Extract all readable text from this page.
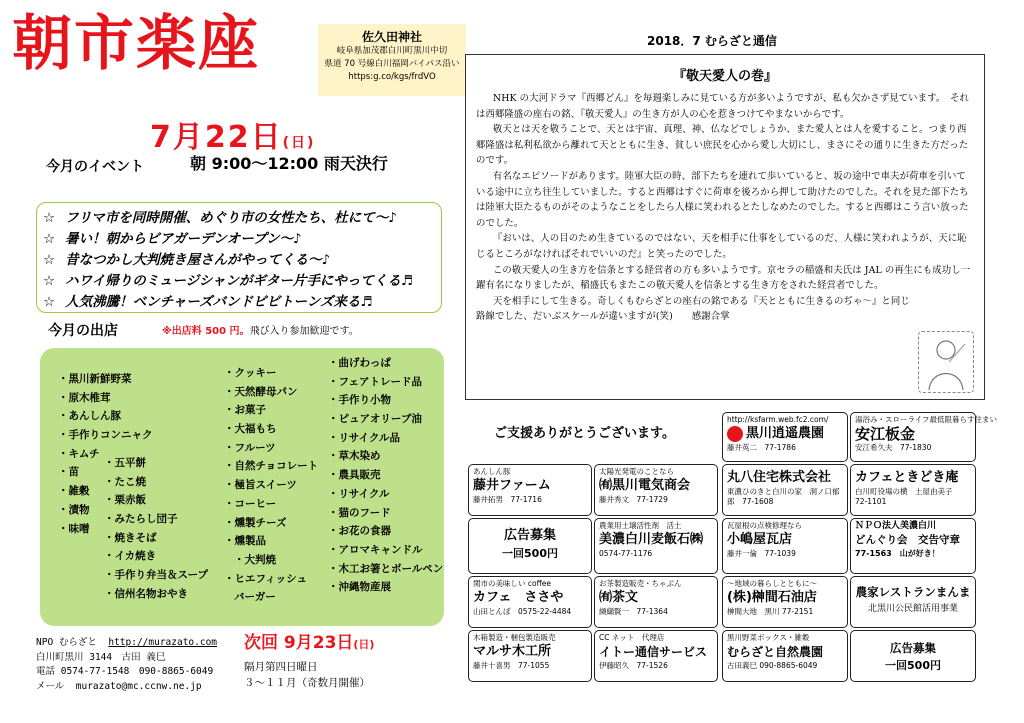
朝市楽座	佐久田神社
岐阜県加茂郡白川町黒川中切
県道 70 号線白川福岡バイパス沿い
https:g.co/kgs/frdVO
7月22日(日)
今月のイベント	朝 9:00～12:00 雨天決行
☆ フリマ市を同時開催、めぐり市の女性たち、杜にて～♪
☆ 暑い！朝からビアガーデンオープン～♪
☆ 昔なつかし大判焼き屋さんがやってくる～♪
☆ ハワイ帰りのミュージシャンがギター片手にやってくる♬
☆ 人気沸騰！ベンチャーズバンドビビトーンズ来る♬
今月の出店	※出店料 500 円。飛び入り参加歓迎です。
・黒川新鮮野菜
・原木椎茸
・あんしん豚
・手作りコンニャク
・キムチ
・苗
・雑穀
・漬物
・味噌
・五平餅
・たこ焼
・栗赤飯
・みたらし団子
・焼きそば
・イカ焼き
・手作り弁当＆スープ
・信州名物おやき
・クッキー
・天然酵母パン
・お菓子
・大福もち
・フルーツ
・自然チョコレート
・極旨スイーツ
・コーヒー
・燻製チーズ
・燻製品
・大判焼
・ヒエフィッシュ
バーガー
・曲げわっぱ
・フェアトレード品
・手作り小物
・ピュアオリーブ油
・リサイクル品
・草木染め
・農具販売
・リサイクル
・猫のフード
・お花の食器
・アロマキャンドル
・木工お箸とボールペン
・沖縄物産展
NPO むらざと http://murazato.com
白川町黒川 3144　古田 義巳
電話 0574-77-1548　090-8865-6049
メール murazato@mc.ccnw.ne.jp
次回 9月23日(日)
隔月第四日曜日
３～１１月（奇数月開催）
2018．7 むらざと通信
『敬天愛人の巻』

NHK の大河ドラマ『西郷どん』を毎週楽しみに見ている方が多いようですが、私も欠かさず見ています。　それは西郷隆盛の座右の銘、『敬天愛人』の生き方が人の心を惹きつけてやまないからです。

敬天とは天を敬うことで、天とは宇宙、真理、神、仏などでしょうか、また愛人とは人を愛すること。つまり西郷隆盛は私利私欲から離れて天とともに生き、貧しい庶民を心から愛し大切にし、まさにその通りに生きた方だったのです。

有名なエピソードがあります。陸軍大臣の時、部下たちを連れて歩いていると、坂の途中で車夫が荷車を引いている途中に立ち往生していました。すると西郷はすぐに荷車を後ろから押して助けたのでした。それを見た部下たちは陸軍大臣たるものがそのようなことをしたら人様に笑われるとたしなめたのでした。すると西郷はこう言い放ったのでした。

『おいは、人の目のため生きているのではない、天を相手に仕事をしているのだ、人様に笑われようが、天に恥じるところがなければそれでいいのだ』と笑ったのでした。

この敬天愛人の生き方を信条とする経営者の方も多いようです。京セラの稲盛和夫氏は JAL の再生にも成功し一躍有名になりましたが、稲盛氏もまたこの敬天愛人を信条とする生き方をされた経営者でした。

天を相手にして生きる。奇しくもむらざとの座右の銘である『天とともに生きるのぢゃ～』と同じ路線でした、だいぶスケールが違いますが(笑)　　感謝合掌

ご支援ありがとうございます。
http://ksfarm.web.fc2.com/
黒川逍遥農園
藤井英二　77-1786
湯浴み・スローライフ最低限暮らす住まい
安江板金
安江希久夫　77-1830
あんしん豚
藤井ファーム
藤井拓男　77-1716
太陽光発電のことなら
㈲黒川電気商会
藤井秀文　77-1729
丸八住宅株式会社
東濃ひのきと白川の家　洞ノ口郁郎　77-1608
カフェときどき庵
白川町役場の横　土屋由美子　72-1101
広告募集
一回500円
農業用土壌活性剤　活土
美濃白川麦飯石㈱
0574-77-1176
瓦屋根の点検修理なら
小嶋屋瓦店
藤井一倫　77-1039
ＮＰＯ法人美濃白川
どんぐり会　交告守章
77-1563　山が好き！
関市の美味しい coffee
カフェ　ささや
山田とんぼ　0575-22-4484
お茶製造販売・ちゃぶん
㈲茶文
纐纈賢一　77-1364
～地域の暮らしとともに～
(株)榊間石油店
榊間大地　黒川 77-2151
農家レストランまんま
北黒川公民館活用事業
木箱製造・梱包製造販売
マルサ木工所
藤井十喜男　77-1055
CC ネット　代理店
イトー通信サービス
伊藤昭久　77-1526
黒川野菜ボックス・雑穀
むらざと自然農園
古田義巳 090-8865-6049
広告募集
一回500円
